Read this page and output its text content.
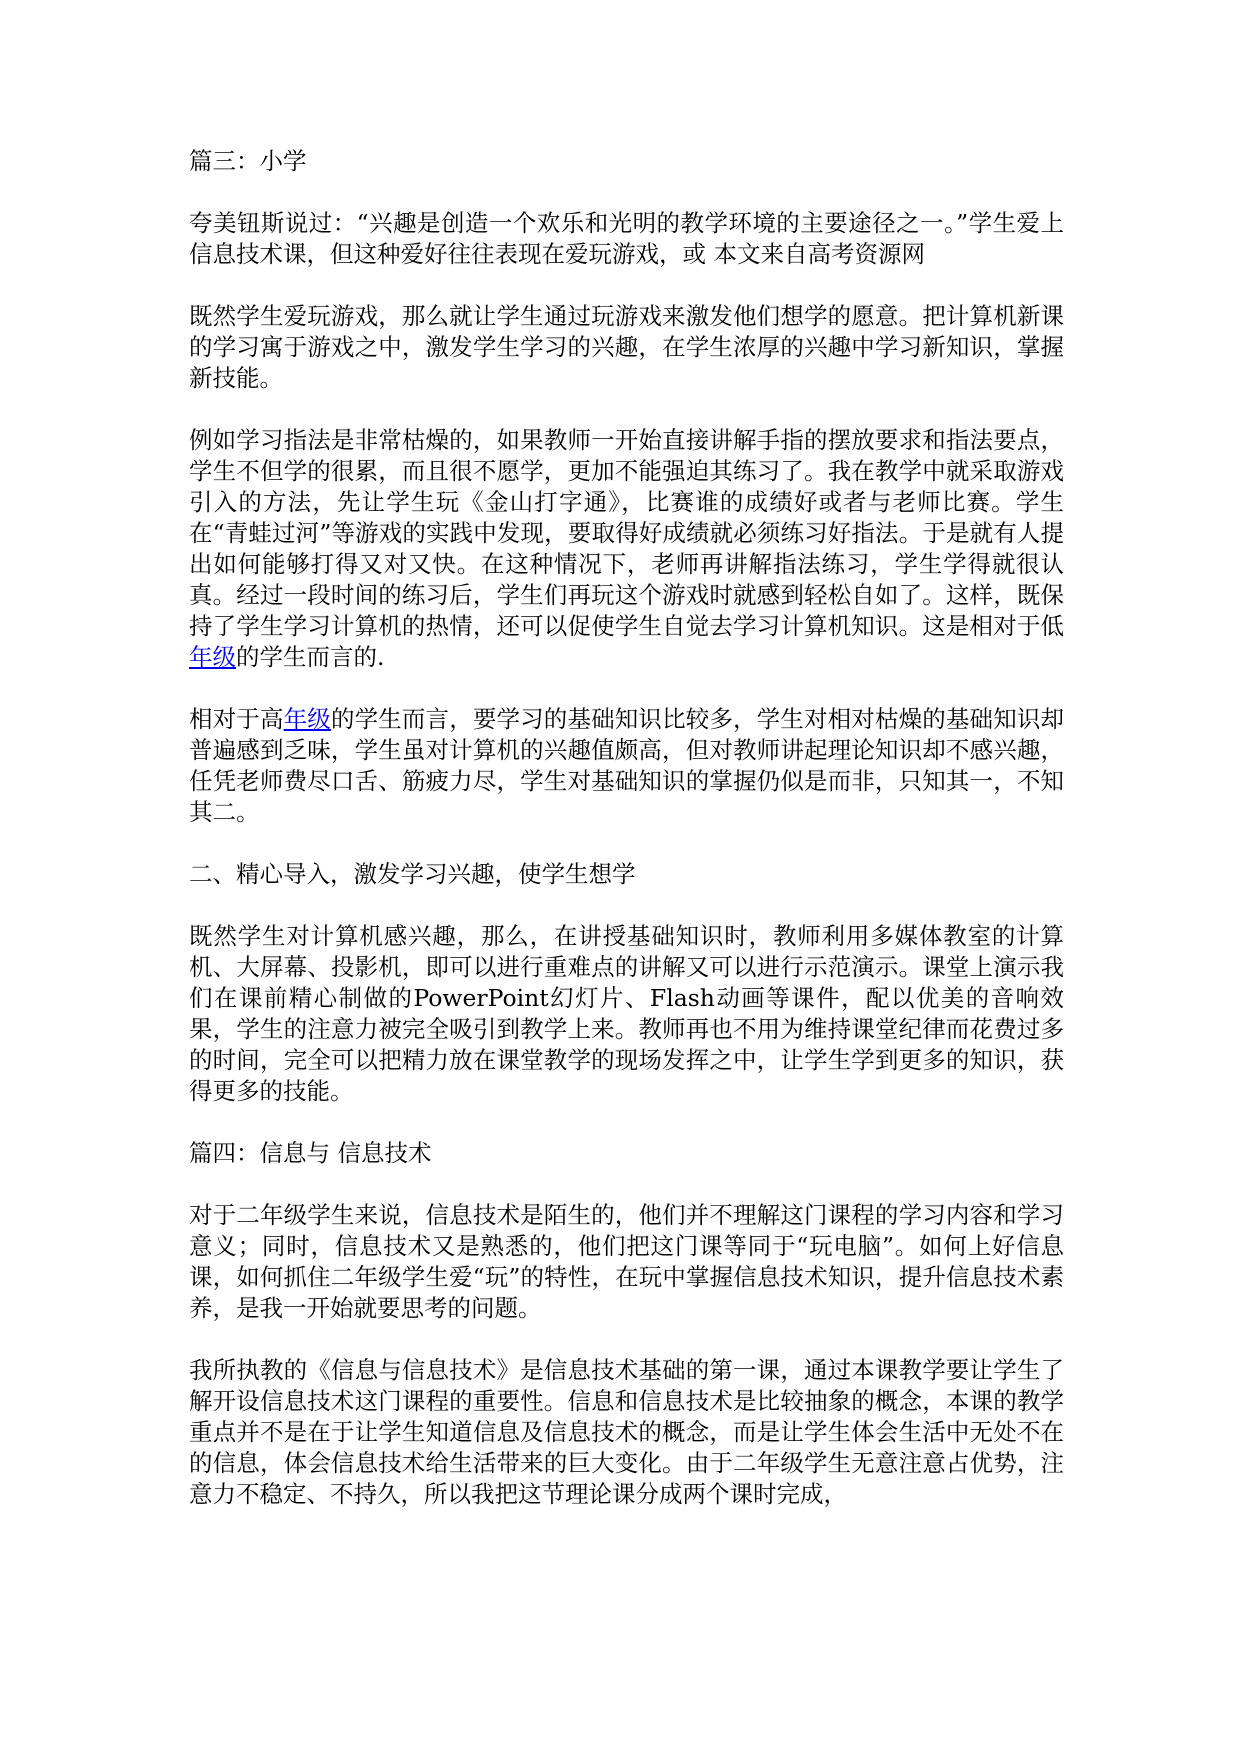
篇三：小学

夸美钮斯说过：“兴趣是创造一个欢乐和光明的教学环境的主要途径之一。”学生爱上信息技术课，但这种爱好往往表现在爱玩游戏，或 本文来自高考资源网

既然学生爱玩游戏，那么就让学生通过玩游戏来激发他们想学的愿意。把计算机新课的学习寓于游戏之中，激发学生学习的兴趣，在学生浓厚的兴趣中学习新知识，掌握新技能。

例如学习指法是非常枯燥的，如果教师一开始直接讲解手指的摆放要求和指法要点，学生不但学的很累，而且很不愿学，更加不能强迫其练习了。我在教学中就采取游戏引入的方法，先让学生玩《金山打字通》，比赛谁的成绩好或者与老师比赛。学生在“青蛙过河”等游戏的实践中发现，要取得好成绩就必须练习好指法。于是就有人提出如何能够打得又对又快。在这种情况下，老师再讲解指法练习，学生学得就很认真。经过一段时间的练习后，学生们再玩这个游戏时就感到轻松自如了。这样，既保持了学生学习计算机的热情，还可以促使学生自觉去学习计算机知识。这是相对于低年级的学生而言的.

相对于高年级的学生而言，要学习的基础知识比较多，学生对相对枯燥的基础知识却普遍感到乏味，学生虽对计算机的兴趣值颇高，但对教师讲起理论知识却不感兴趣，任凭老师费尽口舌、筋疲力尽，学生对基础知识的掌握仍似是而非，只知其一，不知其二。

二、精心导入，激发学习兴趣，使学生想学

既然学生对计算机感兴趣，那么，在讲授基础知识时，教师利用多媒体教室的计算机、大屏幕、投影机，即可以进行重难点的讲解又可以进行示范演示。课堂上演示我们在课前精心制做的PowerPoint幻灯片、Flash动画等课件，配以优美的音响效果，学生的注意力被完全吸引到教学上来。教师再也不用为维持课堂纪律而花费过多的时间，完全可以把精力放在课堂教学的现场发挥之中，让学生学到更多的知识，获得更多的技能。

篇四：信息与 信息技术

对于二年级学生来说，信息技术是陌生的，他们并不理解这门课程的学习内容和学习意义；同时，信息技术又是熟悉的，他们把这门课等同于“玩电脑”。如何上好信息课，如何抓住二年级学生爱“玩”的特性，在玩中掌握信息技术知识，提升信息技术素养，是我一开始就要思考的问题。

我所执教的《信息与信息技术》是信息技术基础的第一课，通过本课教学要让学生了解开设信息技术这门课程的重要性。信息和信息技术是比较抽象的概念，本课的教学重点并不是在于让学生知道信息及信息技术的概念，而是让学生体会生活中无处不在的信息，体会信息技术给生活带来的巨大变化。由于二年级学生无意注意占优势，注意力不稳定、不持久，所以我把这节理论课分成两个课时完成，
